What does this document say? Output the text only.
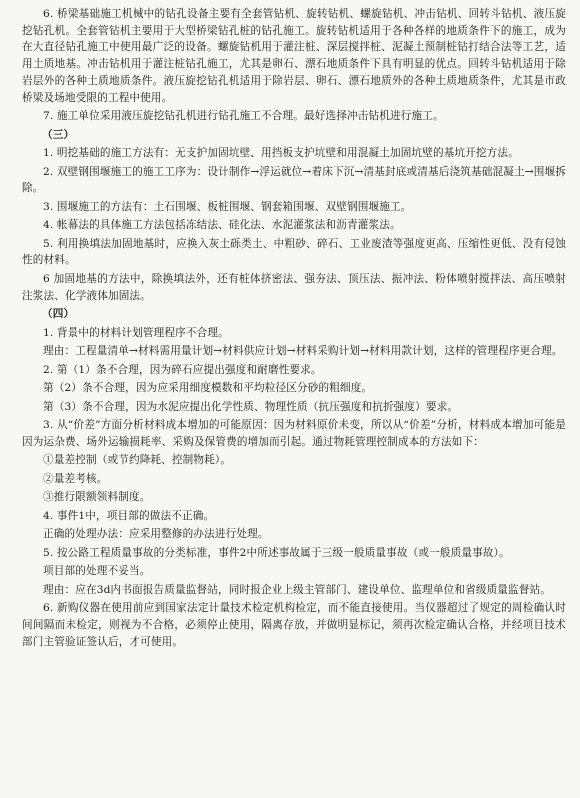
6. 桥梁基础施工机械中的钻孔设备主要有全套管钻机、旋转钻机、螺旋钻机、冲击钻机、回转斗钻机、液压旋挖钻孔机。全套管钻机主要用于大型桥梁钻孔桩的钻孔施工。旋转钻机适用于各种各样的地质条件下的施工，成为在大直径钻孔施工中使用最广泛的设备。螺旋钻机用于灌注桩、深层搅拌桩、泥凝土预制桩钻打结合法等工艺，适用土质地基。冲击钻机用于灌注桩钻孔施工，尤其是卵石、漂石地质条件下具有明显的优点。回转斗钻机适用于除岩层外的各种土质地质条件。液压旋挖钻孔机适用于除岩层、卵石、漂石地质外的各种土质地质条件，尤其是市政桥梁及场地受限的工程中使用。

7. 施工单位采用液压旋挖钻孔机进行钻孔施工不合理。最好选择冲击钻机进行施工。

（三）

1. 明挖基础的施工方法有：无支护加固坑壁、用挡板支护坑壁和用混凝土加固坑壁的基坑开挖方法。

2. 双壁钢围堰施工的施工工序为：设计制作→浮运就位→着床下沉→清基封底或清基后浇筑基础混凝土→围堰拆除。

3. 围堰施工的方法有：土石围堰、板桩围堰、钢套箱围堰、双壁钢围堰施工。

4. 帐幕法的具体施工方法包括冻结法、硅化法、水泥灌浆法和沥青灌浆法。

5. 利用换填法加固地基时，应换入灰土砾类土、中粗砂、碎石、工业废渣等强度更高、压缩性更低、没有侵蚀性的材料。

6 加固地基的方法中，除换填法外，还有桩体挤密法、强夯法、顶压法、振冲法、粉体喷射搅拌法、高压喷射注浆法、化学液体加固法。

（四）

1. 背景中的材料计划管理程序不合理。

理由：工程量清单→材料需用量计划→材料供应计划→材料采购计划→材料用款计划，这样的管理程序更合理。

2. 第（1）条不合理，因为碎石应提出强度和耐磨性要求。

第（2）条不合理，因为应采用细度模数和平均粒径区分砂的粗细度。

第（3）条不合理，因为水泥应提出化学性质、物理性质（抗压强度和抗折强度）要求。

3. 从“价差”方面分析材料成本增加的可能原因：因为材料原价未变，所以从“价差”分析，材料成本增加可能是因为运杂费、场外运输损耗率、采购及保管费的增加而引起。通过物耗管理控制成本的方法如下：

①量差控制（或节约降耗、控制物耗）。

②量差考核。

③推行限额领料制度。

4. 事件1中，项目部的做法不正确。

正确的处理办法：应采用整修的办法进行处理。

5. 按公路工程质量事故的分类标准，事件2中所述事故属于三级一般质量事故（或一般质量事故）。

项目部的处理不妥当。

理由：应在3d内书面报告质量监督站，同时报企业上级主管部门、建设单位、监理单位和省级质量监督站。

6. 新购仪器在使用前应到国家法定计量技术检定机构检定，而不能直接使用。当仪器超过了规定的周检确认时间间隔而未检定，则视为不合格，必须停止使用，隔离存放，并做明显标记，须再次检定确认合格，并经项目技术部门主管验证签认后，才可使用。
